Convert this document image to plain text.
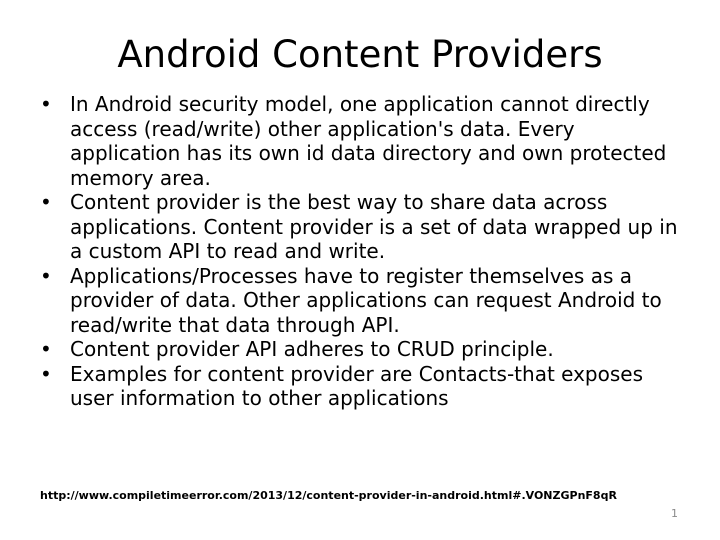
Android Content Providers
• In Android security model, one application cannot directly access (read/write) other application's data. Every application has its own id data directory and own protected memory area.
• Content provider is the best way to share data across applications. Content provider is a set of data wrapped up in a custom API to read and write.
• Applications/Processes have to register themselves as a provider of data. Other applications can request Android to read/write that data through API.
• Content provider API adheres to CRUD principle.
• Examples for content provider are Contacts-that exposes user information to other applications
http://www.compiletimeerror.com/2013/12/content-provider-in-android.html#.VONZGPnF8qR
1
